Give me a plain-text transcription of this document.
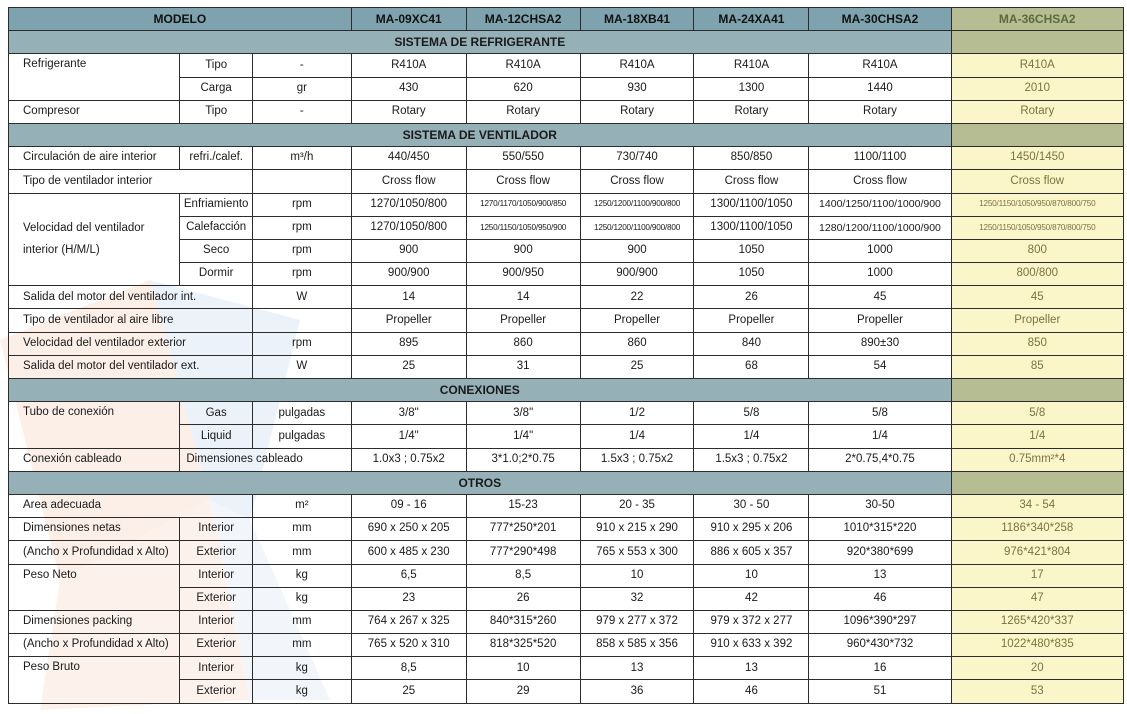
MODELO			MA-09XC41	MA-12CHSA2	MA-18XB41	MA-24XA41	MA-30CHSA2	MA-36CHSA2
SISTEMA DE REFRIGERANTE								
Refrigerante	Tipo	-	R410A	R410A	R410A	R410A	R410A	R410A
	Carga	gr	430	620	930	1300	1440	2010
Compresor	Tipo	-	Rotary	Rotary	Rotary	Rotary	Rotary	Rotary
SISTEMA DE VENTILADOR								
Circulación de aire interior	refri./calef.	m³/h	440/450	550/550	730/740	850/850	1100/1100	1450/1450
Tipo de ventilador interior			Cross flow	Cross flow	Cross flow	Cross flow	Cross flow	Cross flow
Velocidad del ventilador interior (H/M/L)	Enfriamiento	rpm	1270/1050/800	1270/1170/1050/900/850	1250/1200/1100/900/800	1300/1100/1050	1400/1250/1100/1000/900	1250/1150/1050/950/870/800/750
	Calefacción	rpm	1270/1050/800	1250/1150/1050/950/900	1250/1200/1100/900/800	1300/1100/1050	1280/1200/1100/1000/900	1250/1150/1050/950/870/800/750
	Seco	rpm	900	900	900	1050	1000	800
	Dormir	rpm	900/900	900/950	900/900	1050	1000	800/800
Salida del motor del ventilador int.		W	14	14	22	26	45	45
Tipo de ventilador al aire libre			Propeller	Propeller	Propeller	Propeller	Propeller	Propeller
Velocidad del ventilador exterior		rpm	895	860	860	840	890±30	850
Salida del motor del ventilador ext.		W	25	31	25	68	54	85
CONEXIONES								
Tubo de conexión	Gas	pulgadas	3/8"	3/8"	1/2	5/8	5/8	5/8
	Liquid	pulgadas	1/4"	1/4"	1/4	1/4	1/4	1/4
Conexión cableado	Dimensiones cableado		1.0x3 ; 0.75x2	3*1.0;2*0.75	1.5x3 ; 0.75x2	1.5x3 ; 0.75x2	2*0.75,4*0.75	0.75mm²*4
OTROS								
Area adecuada		m²	09 - 16	15-23	20 - 35	30 - 50	30-50	34 - 54
Dimensiones netas	Interior	mm	690 x 250 x 205	777*250*201	910 x 215 x 290	910 x 295 x 206	1010*315*220	1186*340*258
(Ancho x Profundidad x Alto)	Exterior	mm	600 x 485 x 230	777*290*498	765 x 553 x 300	886 x 605 x 357	920*380*699	976*421*804
Peso Neto	Interior	kg	6,5	8,5	10	10	13	17
	Exterior	kg	23	26	32	42	46	47
Dimensiones packing	Interior	mm	764 x 267 x 325	840*315*260	979 x 277 x 372	979 x 372 x 277	1096*390*297	1265*420*337
(Ancho x Profundidad x Alto)	Exterior	mm	765 x 520 x 310	818*325*520	858 x 585 x 356	910 x 633 x 392	960*430*732	1022*480*835
Peso Bruto	Interior	kg	8,5	10	13	13	16	20
	Exterior	kg	25	29	36	46	51	53
